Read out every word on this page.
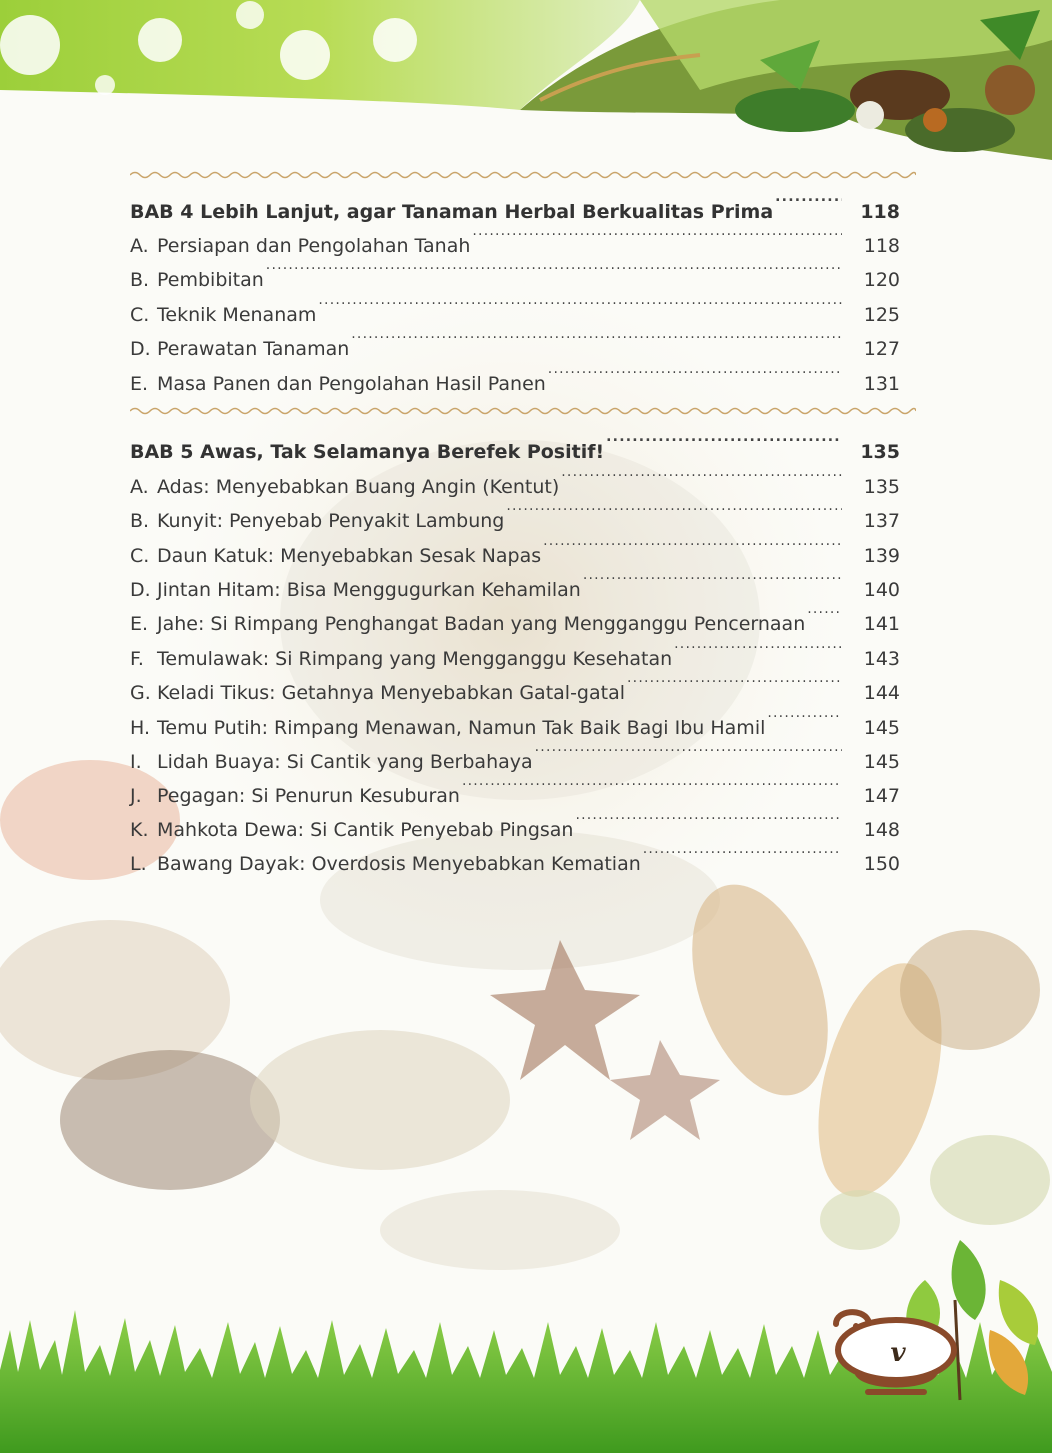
v
BAB 4 Lebih Lanjut, agar Tanaman Herbal Berkualitas Prima .....	118
A. Persiapan dan Pengolahan Tanah .....	118
B. Pembibitan .....	120
C. Teknik Menanam .....	125
D. Perawatan Tanaman .....	127
E. Masa Panen dan Pengolahan Hasil Panen .....	131
BAB 5 Awas, Tak Selamanya Berefek Positif! .....	135
A. Adas: Menyebabkan Buang Angin (Kentut) .....	135
B. Kunyit: Penyebab Penyakit Lambung .....	137
C. Daun Katuk: Menyebabkan Sesak Napas .....	139
D. Jintan Hitam: Bisa Menggugurkan Kehamilan .....	140
E. Jahe: Si Rimpang Penghangat Badan yang Mengganggu Pencernaan .....	141
F. Temulawak: Si Rimpang yang Mengganggu Kesehatan .....	143
G. Keladi Tikus: Getahnya Menyebabkan Gatal-gatal .....	144
H. Temu Putih: Rimpang Menawan, Namun Tak Baik Bagi Ibu Hamil .....	145
I. Lidah Buaya: Si Cantik yang Berbahaya .....	145
J. Pegagan: Si Penurun Kesuburan .....	147
K. Mahkota Dewa: Si Cantik Penyebab Pingsan .....	148
L. Bawang Dayak: Overdosis Menyebabkan Kematian .....	150
